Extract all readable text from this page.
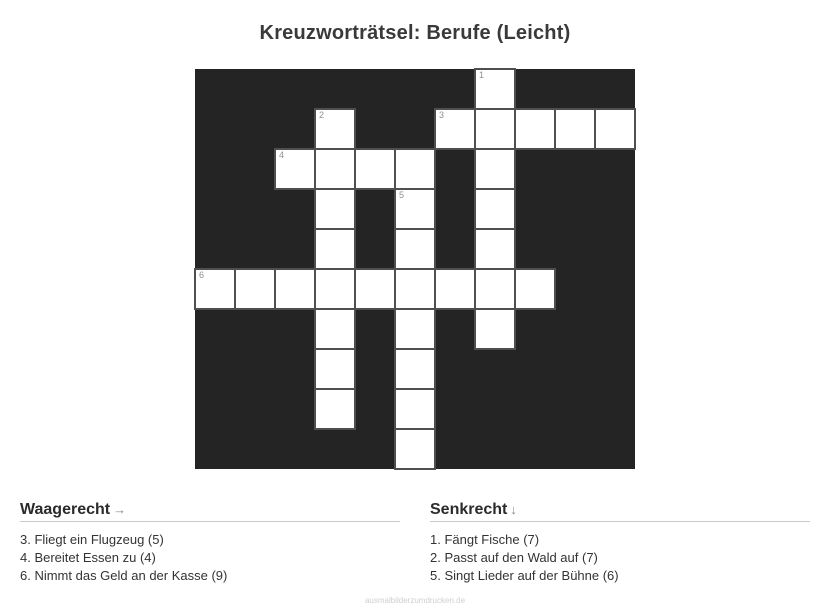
Kreuzworträtsel: Berufe (Leicht)
1
2	3
4
5
6
Waagerecht →
3. Fliegt ein Flugzeug (5)
4. Bereitet Essen zu (4)
6. Nimmt das Geld an der Kasse (9)
Senkrecht ↓
1. Fängt Fische (7)
2. Passt auf den Wald auf (7)
5. Singt Lieder auf der Bühne (6)
ausmalbilderzumdrucken.de
